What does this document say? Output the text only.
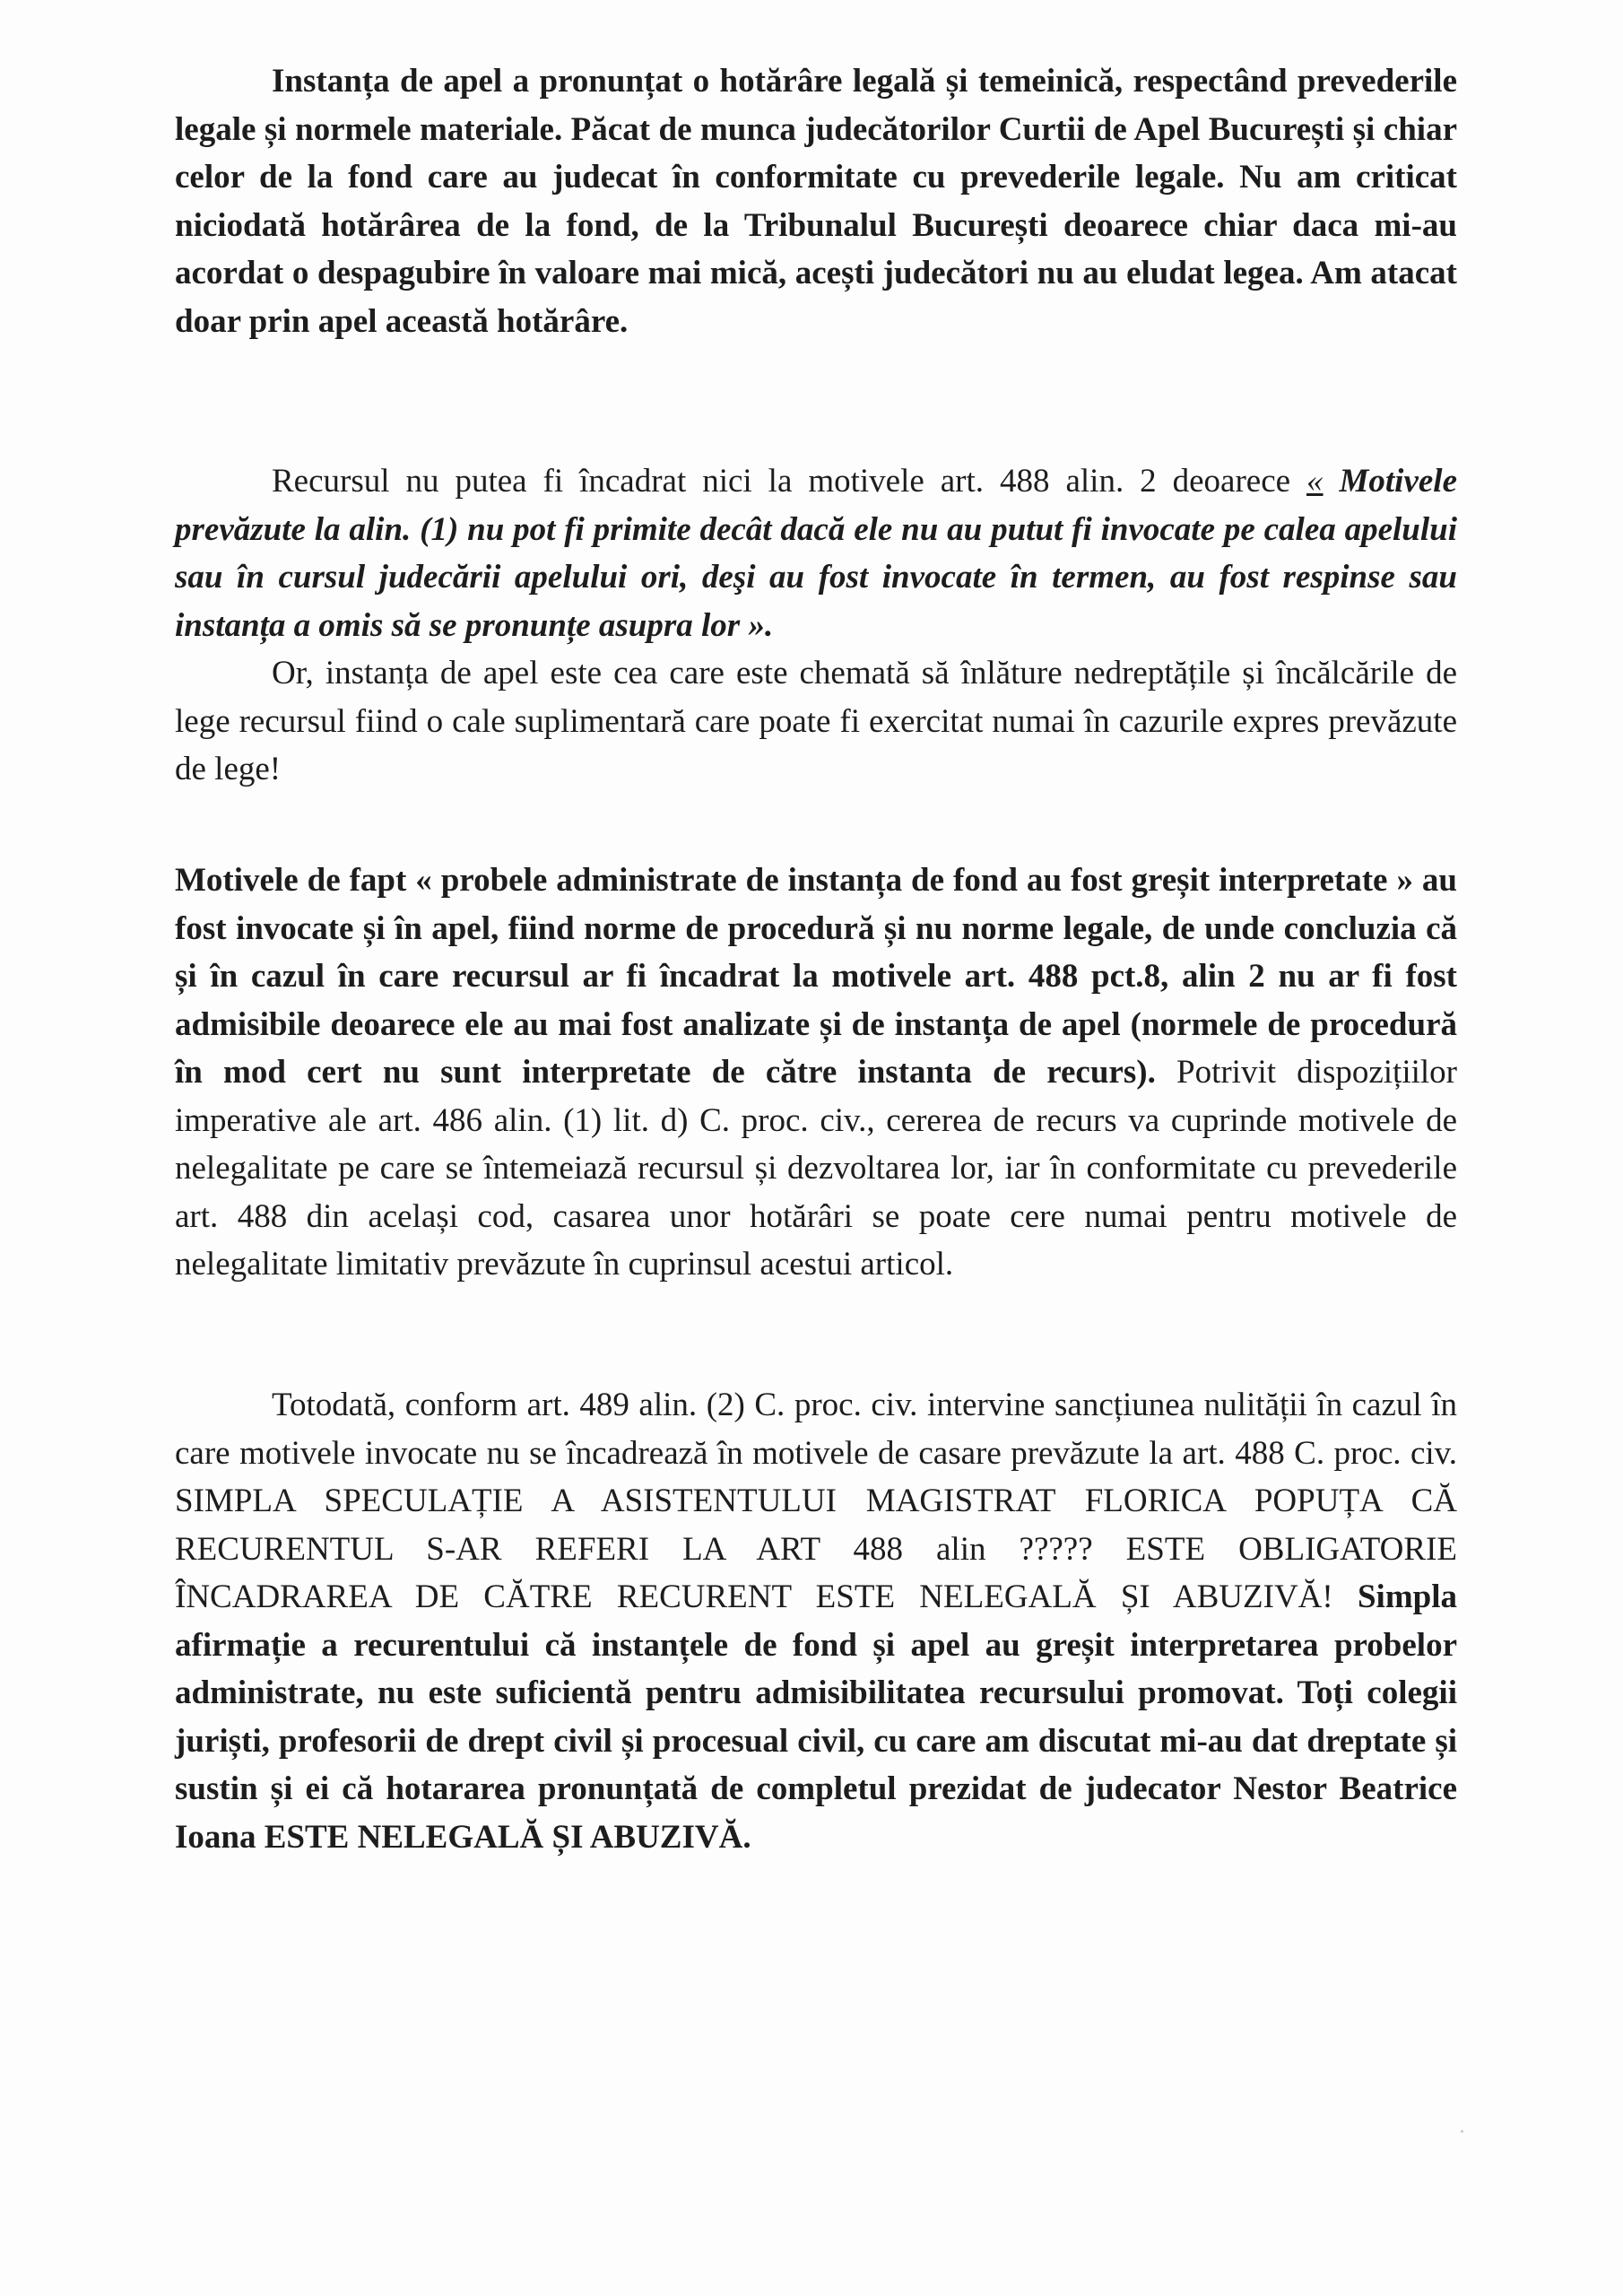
Instanța de apel a pronunțat o hotărâre legală și temeinică, respectând prevederile legale și normele materiale. Păcat de munca judecătorilor Curtii de Apel București și chiar celor de la fond care au judecat în conformitate cu prevederile legale. Nu am criticat niciodată hotărârea de la fond, de la Tribunalul București deoarece chiar daca mi-au acordat o despagubire în valoare mai mică, acești judecători nu au eludat legea. Am atacat doar prin apel această hotărâre.
Recursul nu putea fi încadrat nici la motivele art. 488 alin. 2 deoarece « Motivele prevăzute la alin. (1) nu pot fi primite decât dacă ele nu au putut fi invocate pe calea apelului sau în cursul judecării apelului ori, deşi au fost invocate în termen, au fost respinse sau instanța a omis să se pronunțe asupra lor ».
Or, instanța de apel este cea care este chemată să înlăture nedreptățile și încălcările de lege recursul fiind o cale suplimentară care poate fi exercitat numai în cazurile expres prevăzute de lege!
Motivele de fapt « probele administrate de instanța de fond au fost greșit interpretate » au fost invocate și în apel, fiind norme de procedură și nu norme legale, de unde concluzia că și în cazul în care recursul ar fi încadrat la motivele art. 488 pct.8, alin 2 nu ar fi fost admisibile deoarece ele au mai fost analizate și de instanța de apel (normele de procedură în mod cert nu sunt interpretate de către instanta de recurs). Potrivit dispozițiilor imperative ale art. 486 alin. (1) lit. d) C. proc. civ., cererea de recurs va cuprinde motivele de nelegalitate pe care se întemeiază recursul și dezvoltarea lor, iar în conformitate cu prevederile art. 488 din același cod, casarea unor hotărâri se poate cere numai pentru motivele de nelegalitate limitativ prevăzute în cuprinsul acestui articol.
Totodată, conform art. 489 alin. (2) C. proc. civ. intervine sancțiunea nulității în cazul în care motivele invocate nu se încadrează în motivele de casare prevăzute la art. 488 C. proc. civ. SIMPLA SPECULAȚIE A ASISTENTULUI MAGISTRAT FLORICA POPUȚA CĂ RECURENTUL S-AR REFERI LA ART 488 alin ????? ESTE OBLIGATORIE ÎNCADRAREA DE CĂTRE RECURENT ESTE NELEGALĂ ȘI ABUZIVĂ! Simpla afirmație a recurentului că instanțele de fond și apel au greșit interpretarea probelor administrate, nu este suficientă pentru admisibilitatea recursului promovat. Toți colegii juriști, profesorii de drept civil și procesual civil, cu care am discutat mi-au dat dreptate și sustin și ei că hotararea pronunțată de completul prezidat de judecator Nestor Beatrice Ioana ESTE NELEGALĂ ȘI ABUZIVĂ.
